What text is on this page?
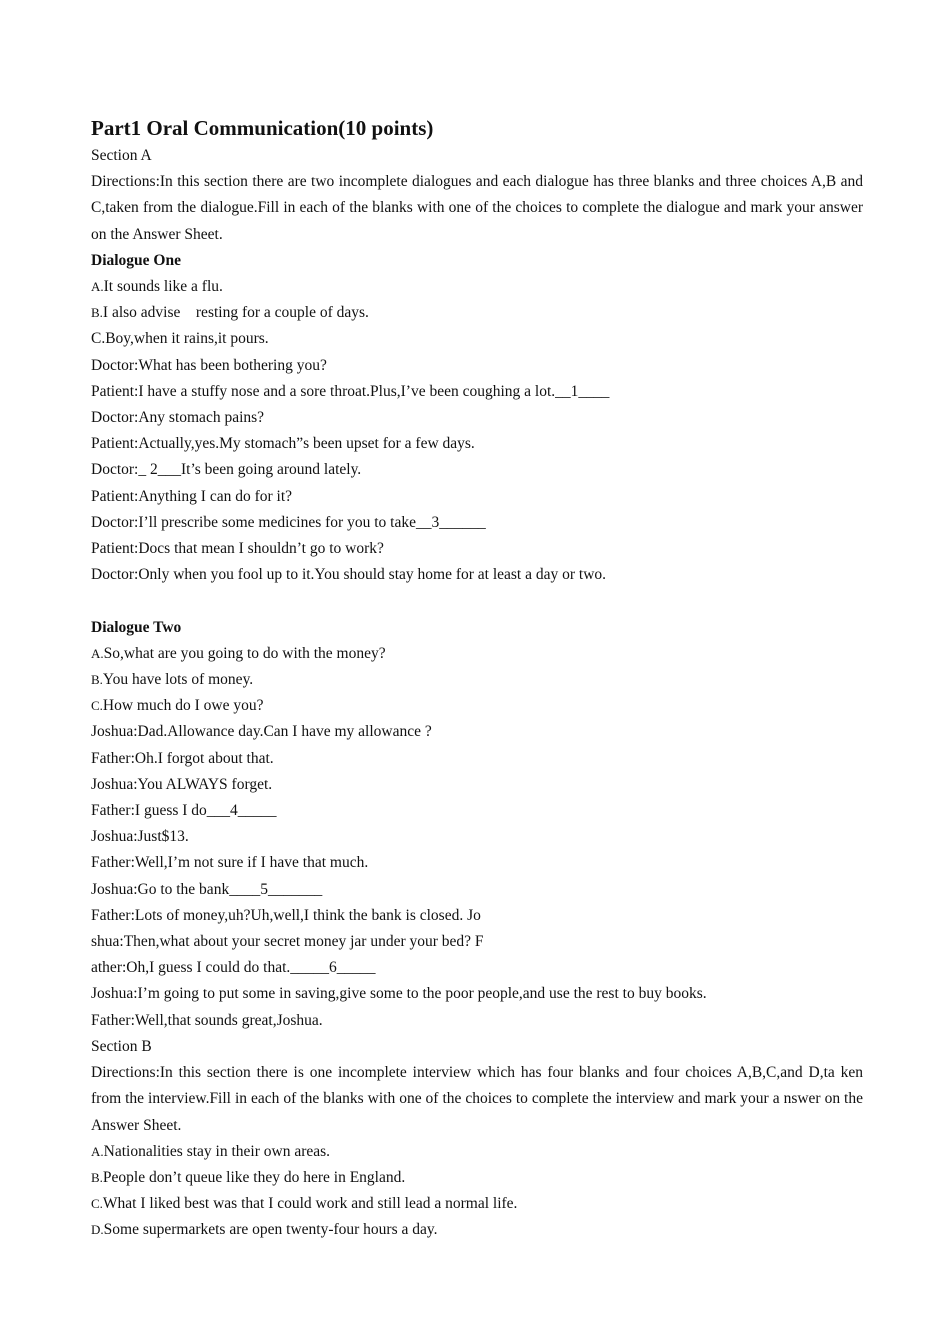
Part1 Oral Communication(10 points)

Section A

Directions:In this section there are two incomplete dialogues and each dialogue has three blanks and three choices A,B and C,taken from the dialogue.Fill in each of the blanks with one of the choices to complete the dialogue and mark your answer on the Answer Sheet.

Dialogue One

A.It sounds like a flu.

B.I also advise    resting for a couple of days.

C.Boy,when it rains,it pours.

Doctor:What has been bothering you?

Patient:I have a stuffy nose and a sore throat.Plus,I’ve been coughing a lot.__1____

Doctor:Any stomach pains?

Patient:Actually,yes.My stomach”s been upset for a few days.

Doctor:_ 2___It’s been going around lately.

Patient:Anything I can do for it?

Doctor:I’ll prescribe some medicines for you to take__3______

Patient:Docs that mean I shouldn’t go to work?

Doctor:Only when you fool up to it.You should stay home for at least a day or two.

Dialogue Two

A.So,what are you going to do with the money?

B.You have lots of money.

C.How much do I owe you?

Joshua:Dad.Allowance day.Can I have my allowance ?

Father:Oh.I forgot about that.

Joshua:You ALWAYS forget.

Father:I guess I do___4_____

Joshua:Just$13.

Father:Well,I’m not sure if I have that much.

Joshua:Go to the bank____5_______

Father:Lots of money,uh?Uh,well,I think the bank is closed. Jo

shua:Then,what about your secret money jar under your bed? F

ather:Oh,I guess I could do that._____6_____

Joshua:I’m going to put some in saving,give some to the poor people,and use the rest to buy books.

Father:Well,that sounds great,Joshua.

Section B

Directions:In this section there is one incomplete interview which has four blanks and four choices A,B,C,and D,ta ken from the interview.Fill in each of the blanks with one of the choices to complete the interview and mark your a nswer on the Answer Sheet.

A.Nationalities stay in their own areas.

B.People don’t queue like they do here in England.

C.What I liked best was that I could work and still lead a normal life.

D.Some supermarkets are open twenty-four hours a day.
